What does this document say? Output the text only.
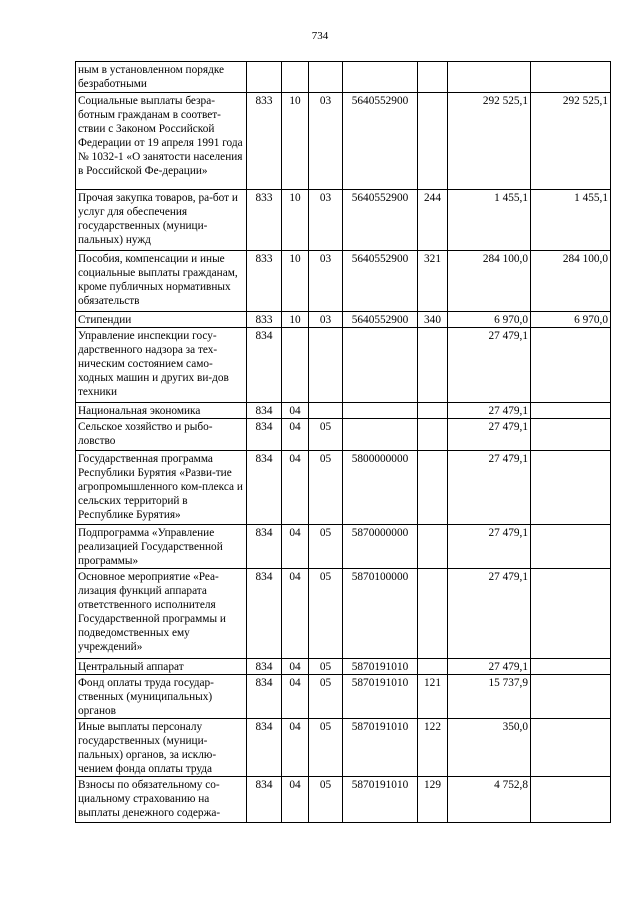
734
ным в установленном порядке безработными							
Социальные выплаты безра-ботным гражданам в соответ-ствии с Законом Российской Федерации от 19 апреля 1991 года № 1032-1 «О занятости населения в Российской Фе-дерации»	833	10	03	5640552900		292 525,1	292 525,1
Прочая закупка товаров, ра-бот и услуг для обеспечения государственных (муници-пальных) нужд	833	10	03	5640552900	244	1 455,1	1 455,1
Пособия, компенсации и иные социальные выплаты гражданам, кроме публичных нормативных обязательств	833	10	03	5640552900	321	284 100,0	284 100,0
Стипендии	833	10	03	5640552900	340	6 970,0	6 970,0
Управление инспекции госу-дарственного надзора за тех-ническим состоянием само-ходных машин и других ви-дов техники	834					27 479,1	
Национальная экономика	834	04				27 479,1	
Сельское хозяйство и рыбо-ловство	834	04	05			27 479,1	
Государственная программа Республики Бурятия «Разви-тие агропромышленного ком-плекса и сельских территорий в Республике Бурятия»	834	04	05	5800000000		27 479,1	
Подпрограмма «Управление реализацией Государственной программы»	834	04	05	5870000000		27 479,1	
Основное мероприятие «Реа-лизация функций аппарата ответственного исполнителя Государственной программы и подведомственных ему учреждений»	834	04	05	5870100000		27 479,1	
Центральный аппарат	834	04	05	5870191010		27 479,1	
Фонд оплаты труда государ-ственных (муниципальных) органов	834	04	05	5870191010	121	15 737,9	
Иные выплаты персоналу государственных (муници-пальных) органов, за исклю-чением фонда оплаты труда	834	04	05	5870191010	122	350,0	
Взносы по обязательному со-циальному страхованию на выплаты денежного содержа-	834	04	05	5870191010	129	4 752,8	
